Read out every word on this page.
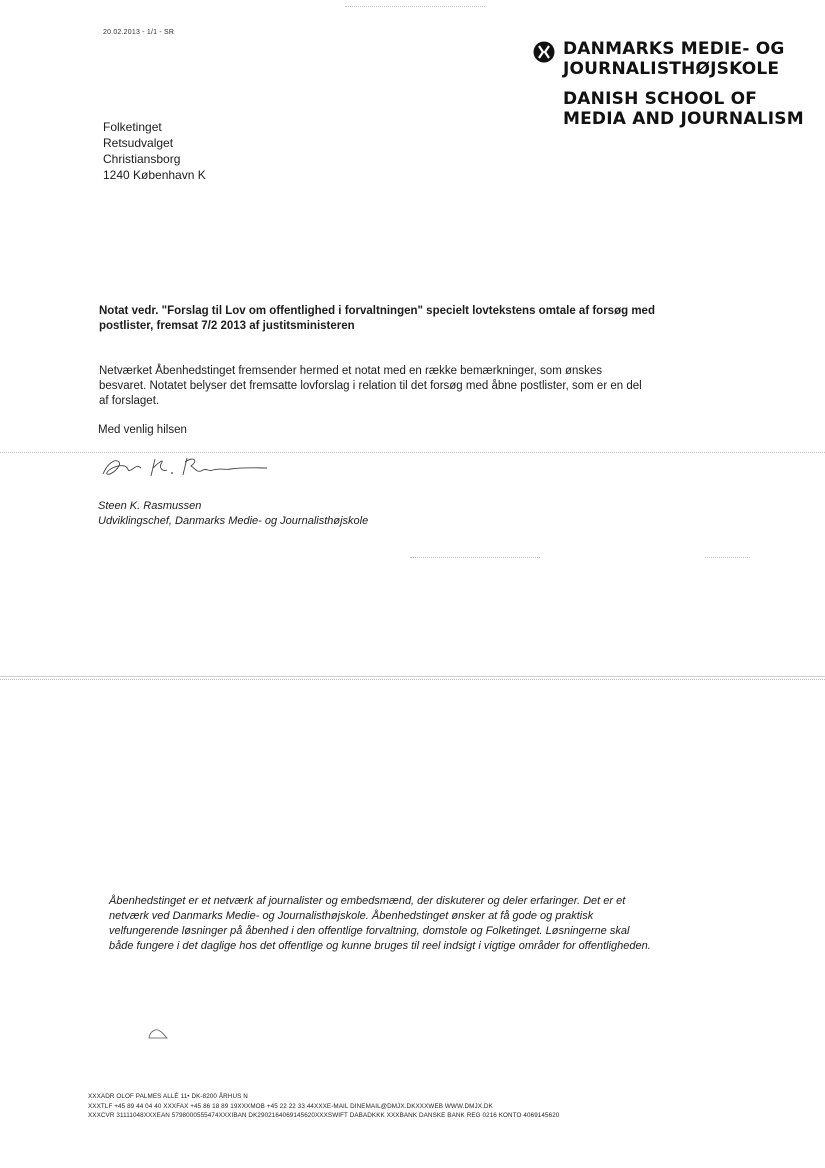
20.02.2013 - 1/1 - SR
DANMARKS MEDIE- OG
JOURNALISTHØJSKOLE
DANISH SCHOOL OF
MEDIA AND JOURNALISM
Folketinget
Retsudvalget
Christiansborg
1240 København K
Notat vedr. "Forslag til Lov om offentlighed i forvaltningen" specielt lovtekstens omtale af forsøg med postlister, fremsat 7/2 2013 af justitsministeren
Netværket Åbenhedstinget fremsender hermed et notat med en række bemærkninger, som ønskes besvaret. Notatet belyser det fremsatte lovforslag i relation til det forsøg med åbne postlister, som er en del af forslaget.
Med venlig hilsen
Steen K. Rasmussen
Udviklingschef, Danmarks Medie- og Journalisthøjskole
Åbenhedstinget er et netværk af journalister og embedsmænd, der diskuterer og deler erfaringer. Det er et netværk ved Danmarks Medie- og Journalisthøjskole. Åbenhedstinget ønsker at få gode og praktisk velfungerende løsninger på åbenhed i den offentlige forvaltning, domstole og Folketinget. Løsningerne skal både fungere i det daglige hos det offentlige og kunne bruges til reel indsigt i vigtige områder for offentligheden.
XXXADR OLOF PALMES ALLÉ 11• DK-8200 ÅRHUS N
XXXTLF +45 89 44 04 40 XXXFAX +45 86 18 89 19XXXMOB +45 22 22 33 44XXXE-MAIL DINEMAIL@DMJX.DKXXXWEB WWW.DMJX.DK
XXXCVR 31111048XXXEAN 5798000555474XXXIBAN DK2902164069145620XXXSWIFT DABADKKK XXXBANK DANSKE BANK REG 0216 KONTO 4069145620
